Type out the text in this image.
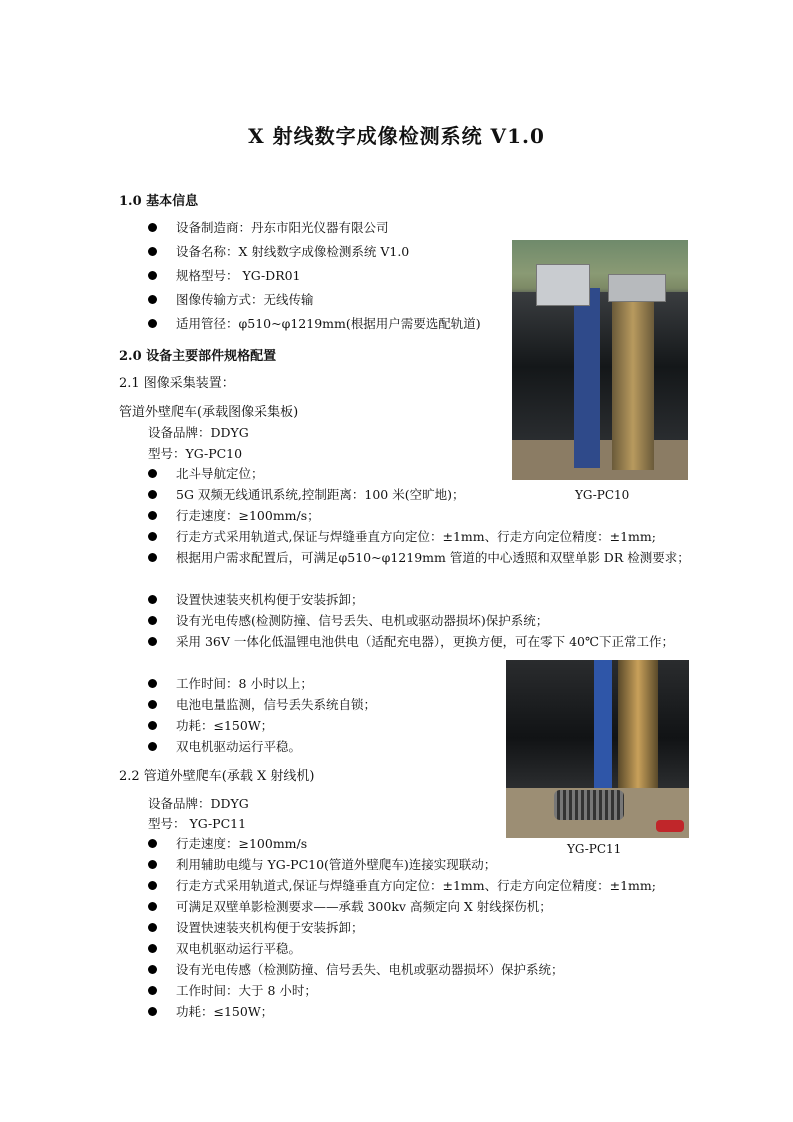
X 射线数字成像检测系统 V1.0
1.0 基本信息
设备制造商：丹东市阳光仪器有限公司
设备名称：X 射线数字成像检测系统 V1.0
规格型号： YG-DR01
图像传输方式：无线传输
适用管径：φ510~φ1219mm(根据用户需要选配轨道)
2.0 设备主要部件规格配置
2.1 图像采集装置：
管道外壁爬车(承载图像采集板)
设备品牌：DDYG
型号：YG-PC10
北斗导航定位；
5G 双频无线通讯系统,控制距离：100 米(空旷地)；
行走速度：≥100mm/s；
行走方式采用轨道式,保证与焊缝垂直方向定位：±1mm、行走方向定位精度：±1mm;
根据用户需求配置后，可满足φ510~φ1219mm 管道的中心透照和双壁单影 DR 检测要求；
设置快速装夹机构便于安装拆卸；
设有光电传感(检测防撞、信号丢失、电机或驱动器损坏)保护系统；
采用 36V 一体化低温锂电池供电（适配充电器），更换方便，可在零下 40℃下正常工作；
工作时间：8 小时以上；
电池电量监测，信号丢失系统自锁；
功耗：≤150W；
双电机驱动运行平稳。
2.2 管道外壁爬车(承载 X 射线机)
设备品牌：DDYG
型号： YG-PC11
行走速度：≥100mm/s
利用辅助电缆与 YG-PC10(管道外壁爬车)连接实现联动；
行走方式采用轨道式,保证与焊缝垂直方向定位：±1mm、行走方向定位精度：±1mm;
可满足双壁单影检测要求——承载 300kv 高频定向 X 射线探伤机；
设置快速装夹机构便于安装拆卸；
双电机驱动运行平稳。
设有光电传感（检测防撞、信号丢失、电机或驱动器损坏）保护系统；
工作时间：大于 8 小时；
功耗：≤150W；
YG-PC10
YG-PC11
